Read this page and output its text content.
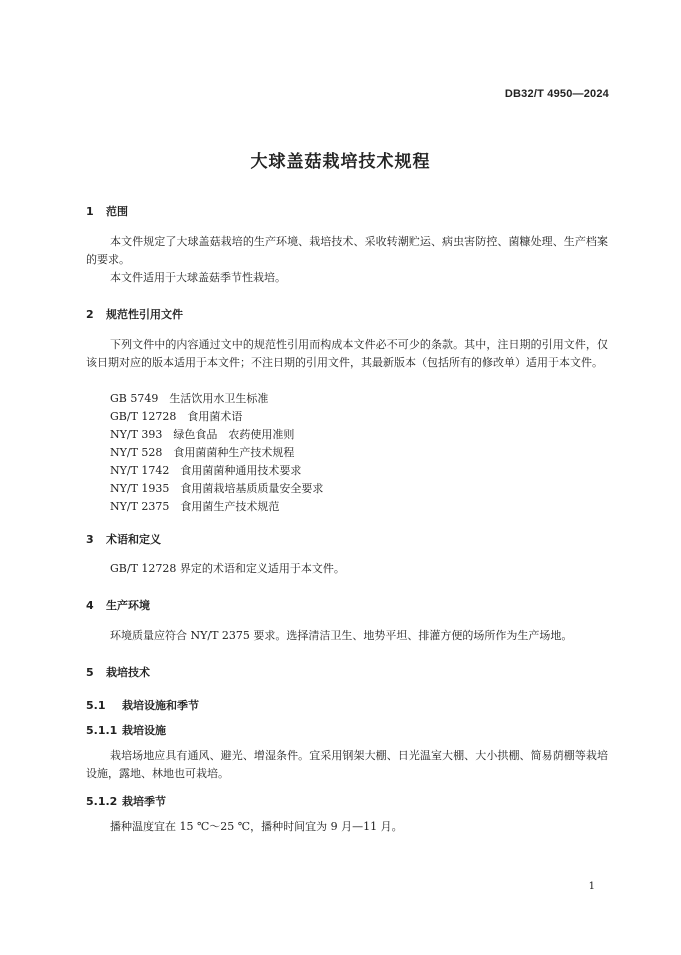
DB32/T 4950—2024
大球盖菇栽培技术规程
1 范围
本文件规定了大球盖菇栽培的生产环境、栽培技术、采收转潮贮运、病虫害防控、菌糠处理、生产档案的要求。
本文件适用于大球盖菇季节性栽培。
2 规范性引用文件
下列文件中的内容通过文中的规范性引用而构成本文件必不可少的条款。其中，注日期的引用文件，仅该日期对应的版本适用于本文件；不注日期的引用文件，其最新版本（包括所有的修改单）适用于本文件。
GB 5749　生活饮用水卫生标准
GB/T 12728　食用菌术语
NY/T 393　绿色食品　农药使用准则
NY/T 528　食用菌菌种生产技术规程
NY/T 1742　食用菌菌种通用技术要求
NY/T 1935　食用菌栽培基质质量安全要求
NY/T 2375　食用菌生产技术规范
3 术语和定义
GB/T 12728 界定的术语和定义适用于本文件。
4 生产环境
环境质量应符合 NY/T 2375 要求。选择清洁卫生、地势平坦、排灌方便的场所作为生产场地。
5 栽培技术
5.1 栽培设施和季节
5.1.1 栽培设施
栽培场地应具有通风、避光、增湿条件。宜采用钢架大棚、日光温室大棚、大小拱棚、简易荫棚等栽培设施，露地、林地也可栽培。
5.1.2 栽培季节
播种温度宜在 15 ℃～25 ℃，播种时间宜为 9 月—11 月。
1
